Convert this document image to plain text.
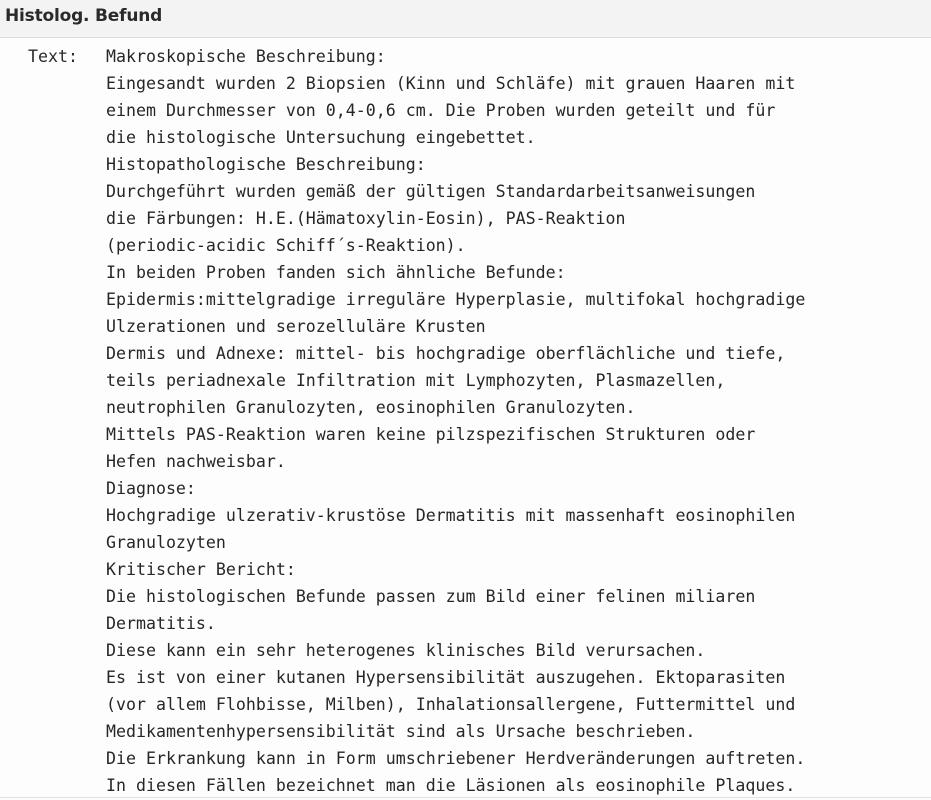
Histolog. Befund
Text: Makroskopische Beschreibung:
Eingesandt wurden 2 Biopsien (Kinn und Schläfe) mit grauen Haaren mit
einem Durchmesser von 0,4-0,6 cm. Die Proben wurden geteilt und für
die histologische Untersuchung eingebettet.
Histopathologische Beschreibung:
Durchgeführt wurden gemäß der gültigen Standardarbeitsanweisungen
die Färbungen: H.E.(Hämatoxylin-Eosin), PAS-Reaktion
(periodic-acidic Schiff´s-Reaktion).
In beiden Proben fanden sich ähnliche Befunde:
Epidermis:mittelgradige irreguläre Hyperplasie, multifokal hochgradige
Ulzerationen und serozelluläre Krusten
Dermis und Adnexe: mittel- bis hochgradige oberflächliche und tiefe,
teils periadnexale Infiltration mit Lymphozyten, Plasmazellen,
neutrophilen Granulozyten, eosinophilen Granulozyten.
Mittels PAS-Reaktion waren keine pilzspezifischen Strukturen oder
Hefen nachweisbar.
Diagnose:
Hochgradige ulzerativ-krustöse Dermatitis mit massenhaft eosinophilen
Granulozyten
Kritischer Bericht:
Die histologischen Befunde passen zum Bild einer felinen miliaren
Dermatitis.
Diese kann ein sehr heterogenes klinisches Bild verursachen.
Es ist von einer kutanen Hypersensibilität auszugehen. Ektoparasiten
(vor allem Flohbisse, Milben), Inhalationsallergene, Futtermittel und
Medikamentenhypersensibilität sind als Ursache beschrieben.
Die Erkrankung kann in Form umschriebener Herdveränderungen auftreten.
In diesen Fällen bezeichnet man die Läsionen als eosinophile Plaques.
